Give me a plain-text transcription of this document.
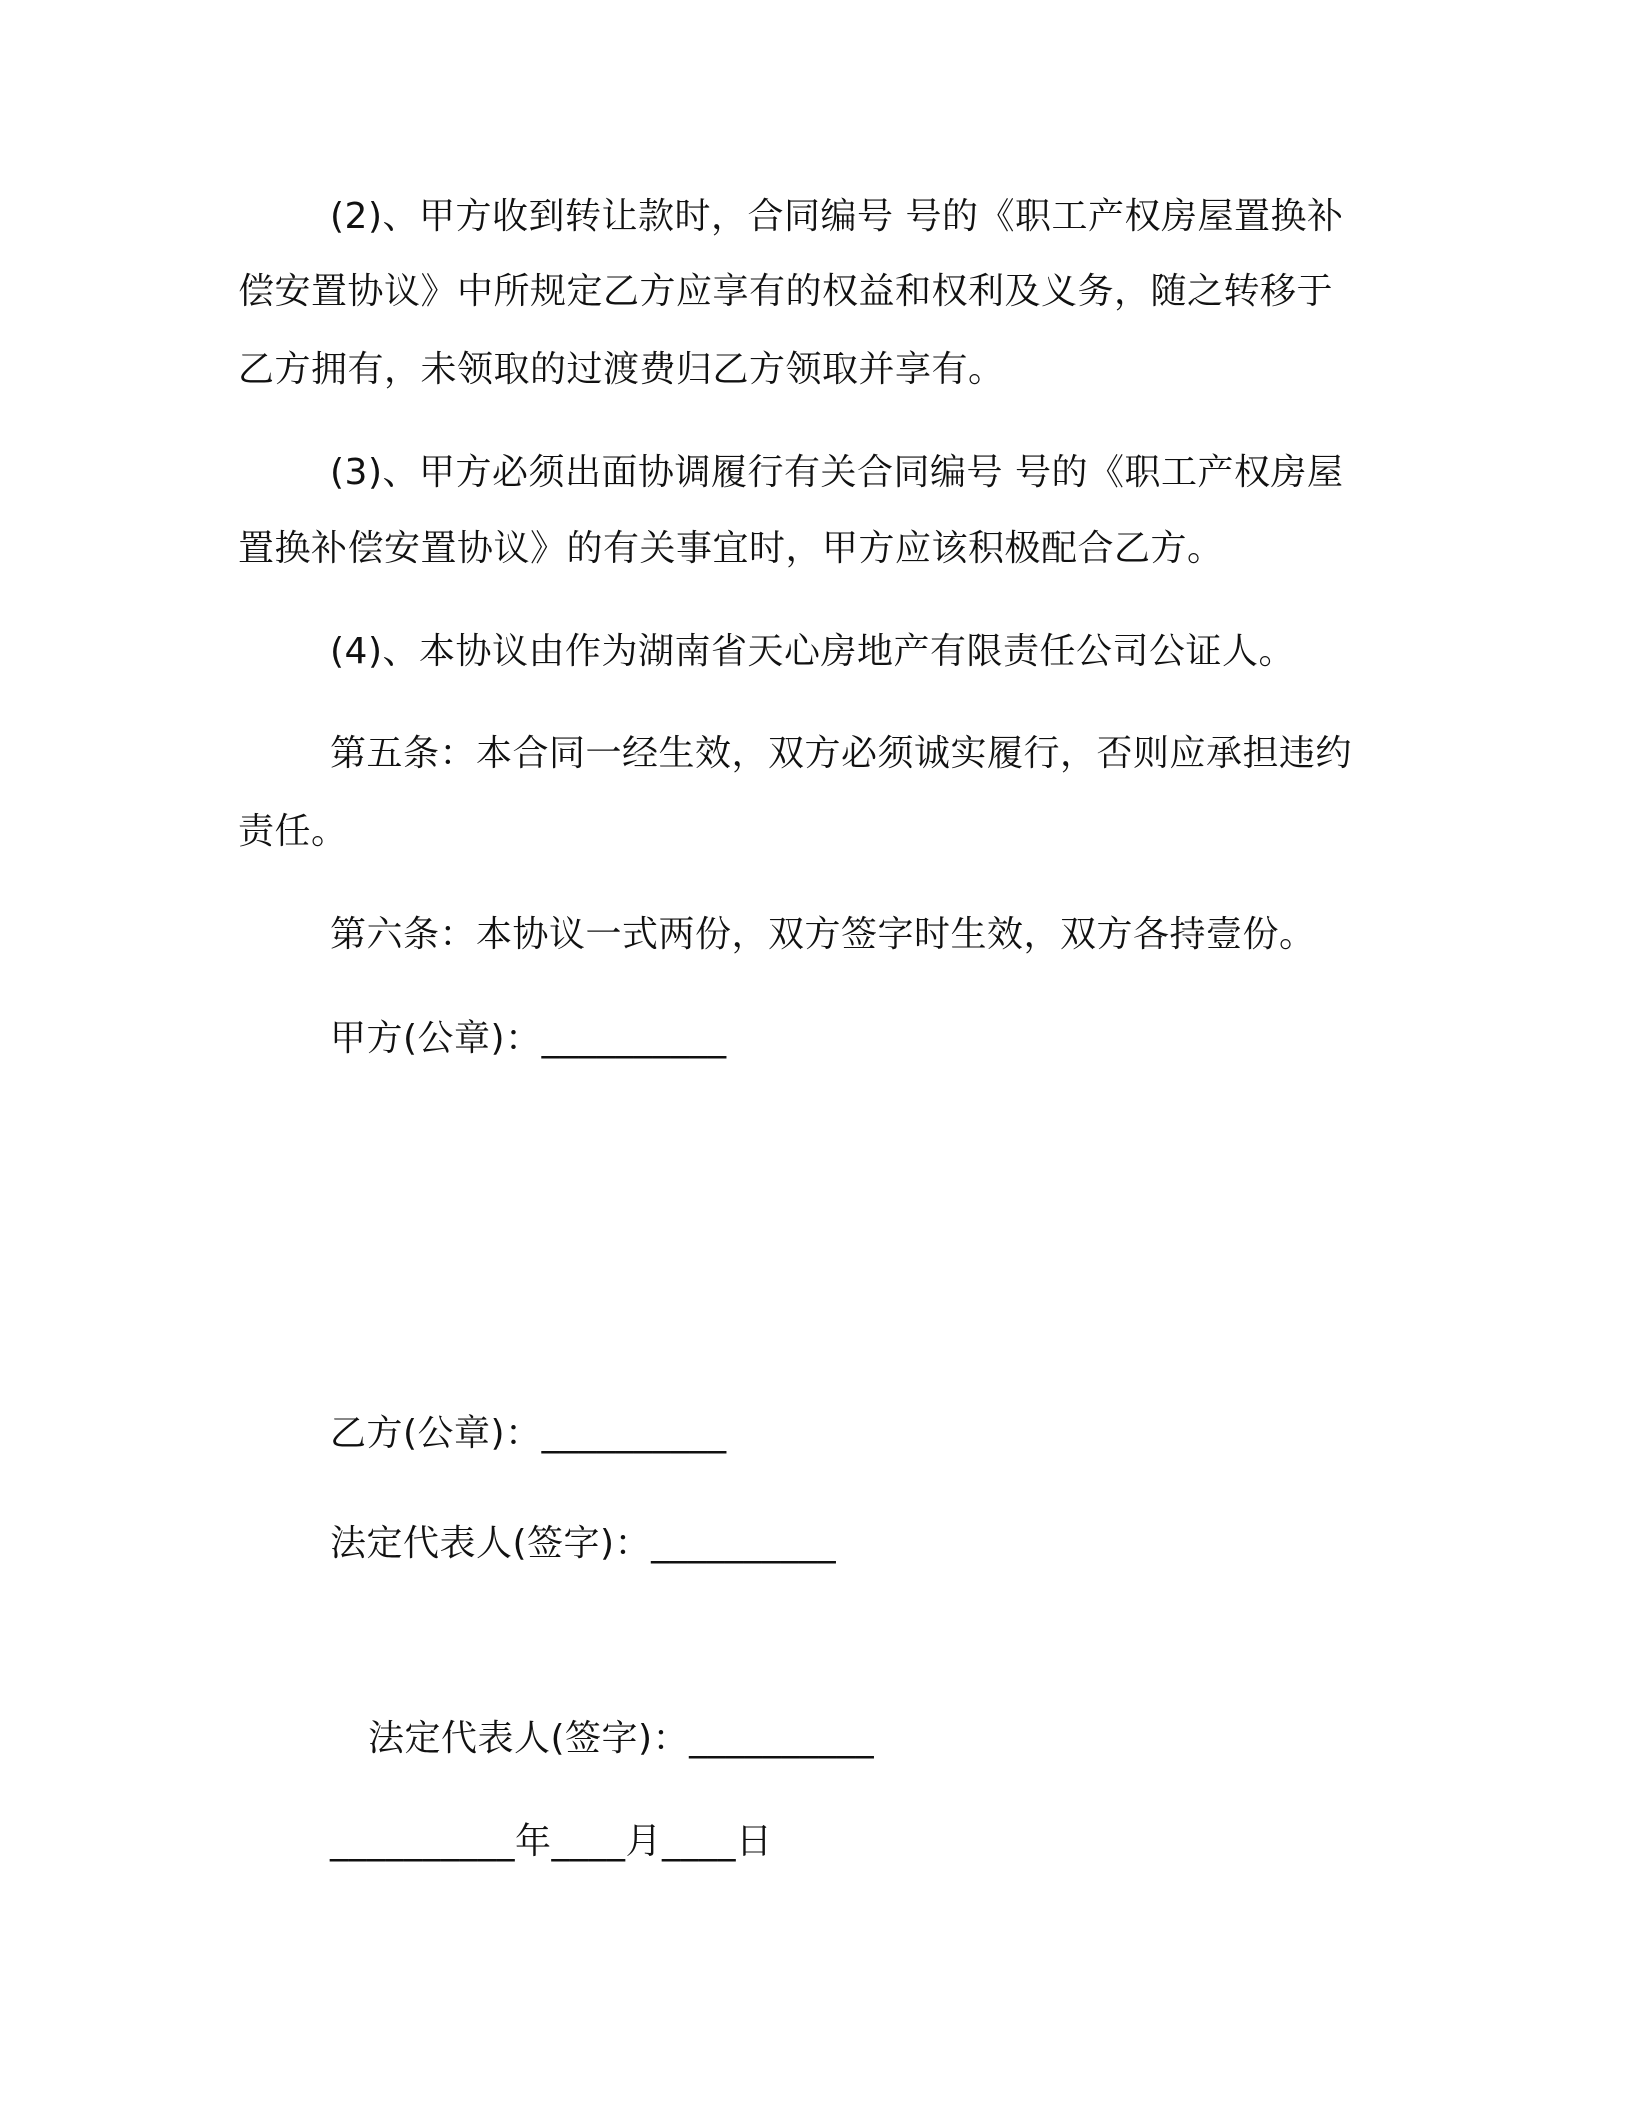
(2)、甲方收到转让款时，合同编号 号的《职工产权房屋置换补
偿安置协议》中所规定乙方应享有的权益和权利及义务，随之转移于
乙方拥有，未领取的过渡费归乙方领取并享有。
(3)、甲方必须出面协调履行有关合同编号 号的《职工产权房屋
置换补偿安置协议》的有关事宜时，甲方应该积极配合乙方。
(4)、本协议由作为湖南省天心房地产有限责任公司公证人。
第五条：本合同一经生效，双方必须诚实履行，否则应承担违约
责任。
第六条：本协议一式两份，双方签字时生效，双方各持壹份。
甲方(公章)：__________
乙方(公章)：__________
法定代表人(签字)：__________
法定代表人(签字)：__________
__________年____月____日
